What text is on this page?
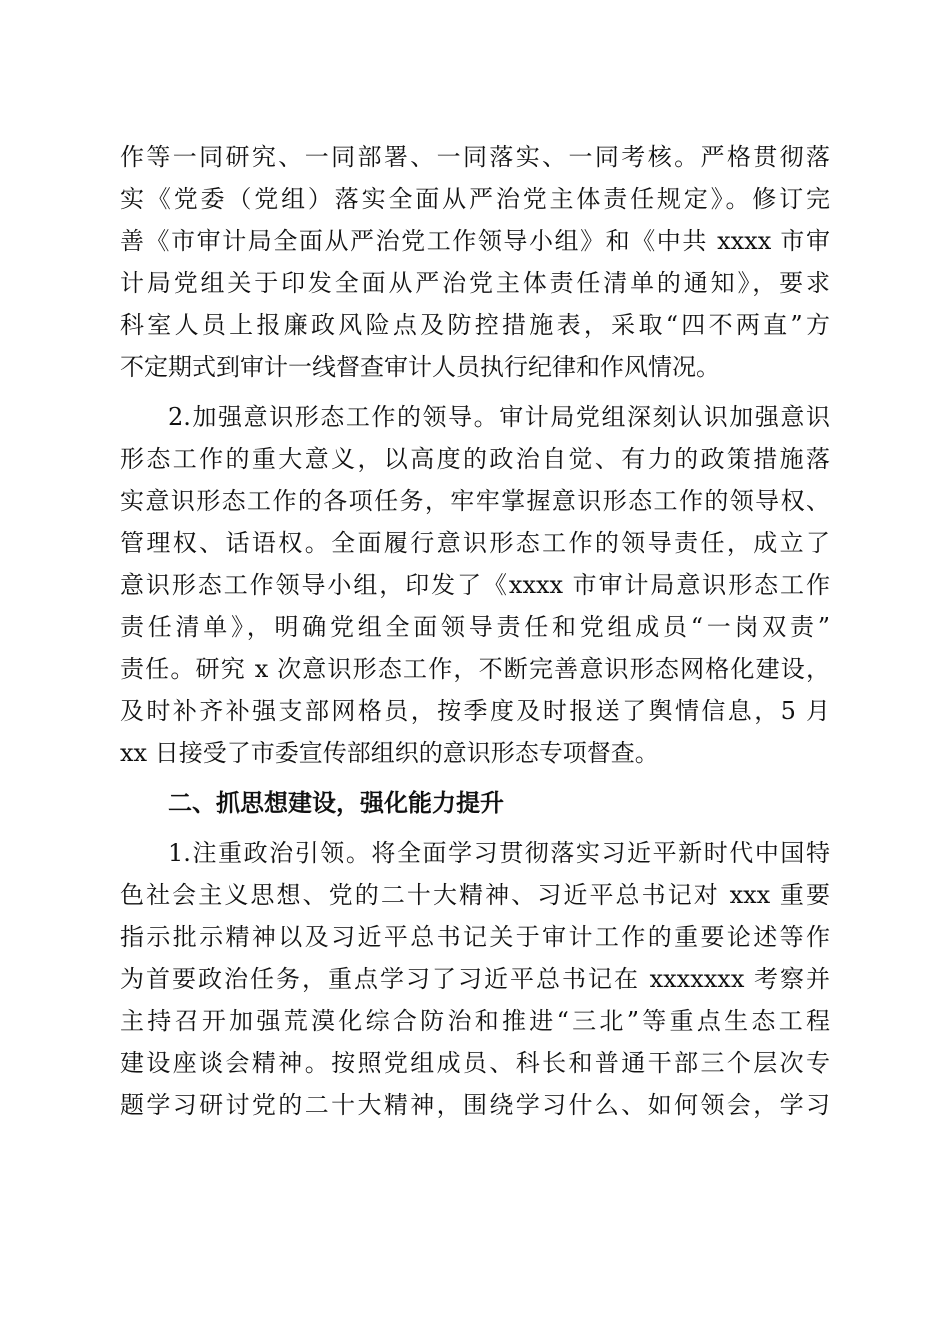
作等一同研究、一同部署、一同落实、一同考核。严格贯彻落
实《党委（党组）落实全面从严治党主体责任规定》。修订完
善《市审计局全面从严治党工作领导小组》和《中共 xxxx 市审
计局党组关于印发全面从严治党主体责任清单的通知》，要求
科室人员上报廉政风险点及防控措施表，采取“四不两直”方
不定期式到审计一线督查审计人员执行纪律和作风情况。
2.加强意识形态工作的领导。审计局党组深刻认识加强意识
形态工作的重大意义，以高度的政治自觉、有力的政策措施落
实意识形态工作的各项任务，牢牢掌握意识形态工作的领导权、
管理权、话语权。全面履行意识形态工作的领导责任，成立了
意识形态工作领导小组，印发了《xxxx 市审计局意识形态工作
责任清单》，明确党组全面领导责任和党组成员“一岗双责”
责任。研究 x 次意识形态工作，不断完善意识形态网格化建设，
及时补齐补强支部网格员，按季度及时报送了舆情信息，5 月
xx 日接受了市委宣传部组织的意识形态专项督查。
二、抓思想建设，强化能力提升
1.注重政治引领。将全面学习贯彻落实习近平新时代中国特
色社会主义思想、党的二十大精神、习近平总书记对 xxx 重要
指示批示精神以及习近平总书记关于审计工作的重要论述等作
为首要政治任务，重点学习了习近平总书记在 xxxxxxx 考察并
主持召开加强荒漠化综合防治和推进“三北”等重点生态工程
建设座谈会精神。按照党组成员、科长和普通干部三个层次专
题学习研讨党的二十大精神，围绕学习什么、如何领会，学习
